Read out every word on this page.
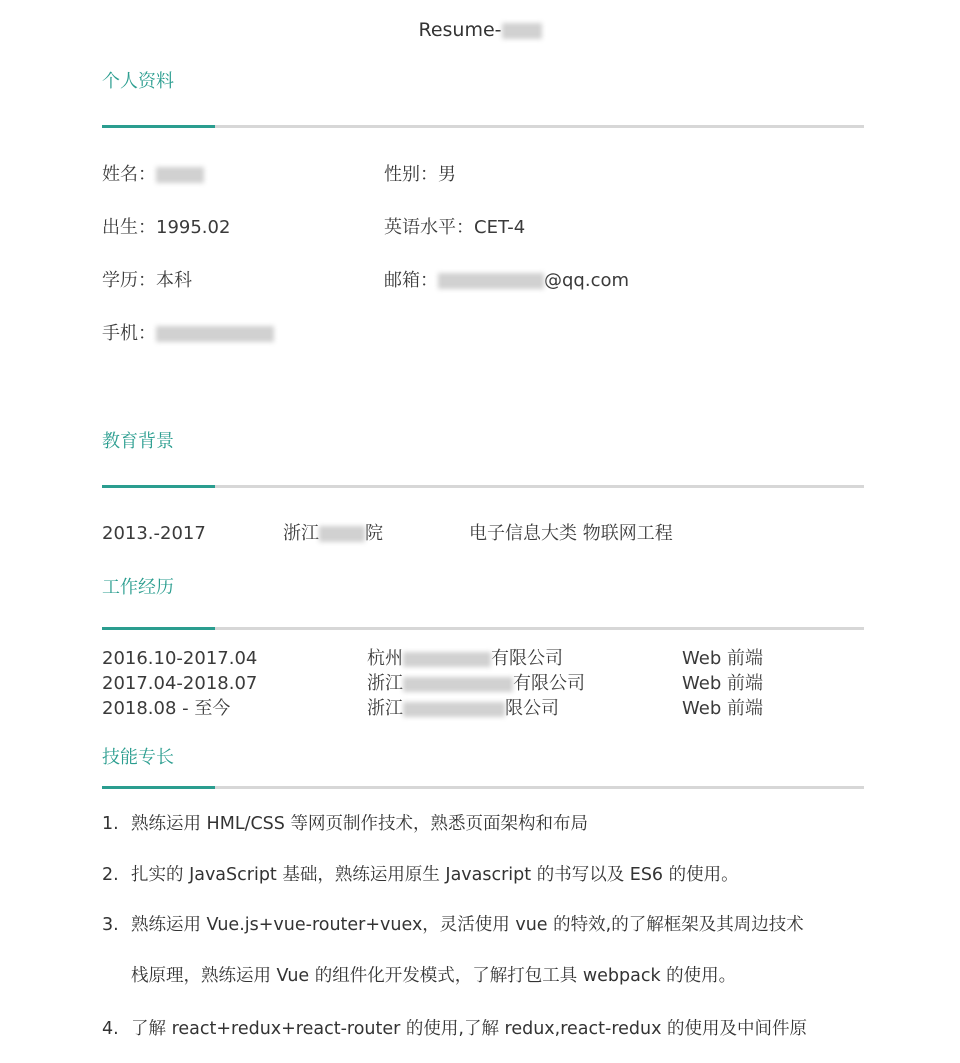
Resume-
个人资料
姓名：	性别：男
出生：1995.02	英语水平：CET-4
学历：本科	邮箱：	@qq.com
手机：
教育背景
2013.-2017	浙江	院	电子信息大类 物联网工程
工作经历
2016.10-2017.04	杭州	有限公司	Web 前端
2017.04-2018.07	浙江	有限公司	Web 前端
2018.08 - 至今	浙江	限公司	Web 前端
技能专长
1. 熟练运用 HML/CSS 等网页制作技术，熟悉页面架构和布局
2. 扎实的 JavaScript 基础，熟练运用原生 Javascript 的书写以及 ES6 的使用。
3. 熟练运用 Vue.js+vue-router+vuex，灵活使用 vue 的特效,的了解框架及其周边技术
栈原理，熟练运用 Vue 的组件化开发模式，了解打包工具 webpack 的使用。
4. 了解 react+redux+react-router 的使用,了解 redux,react-redux 的使用及中间件原
